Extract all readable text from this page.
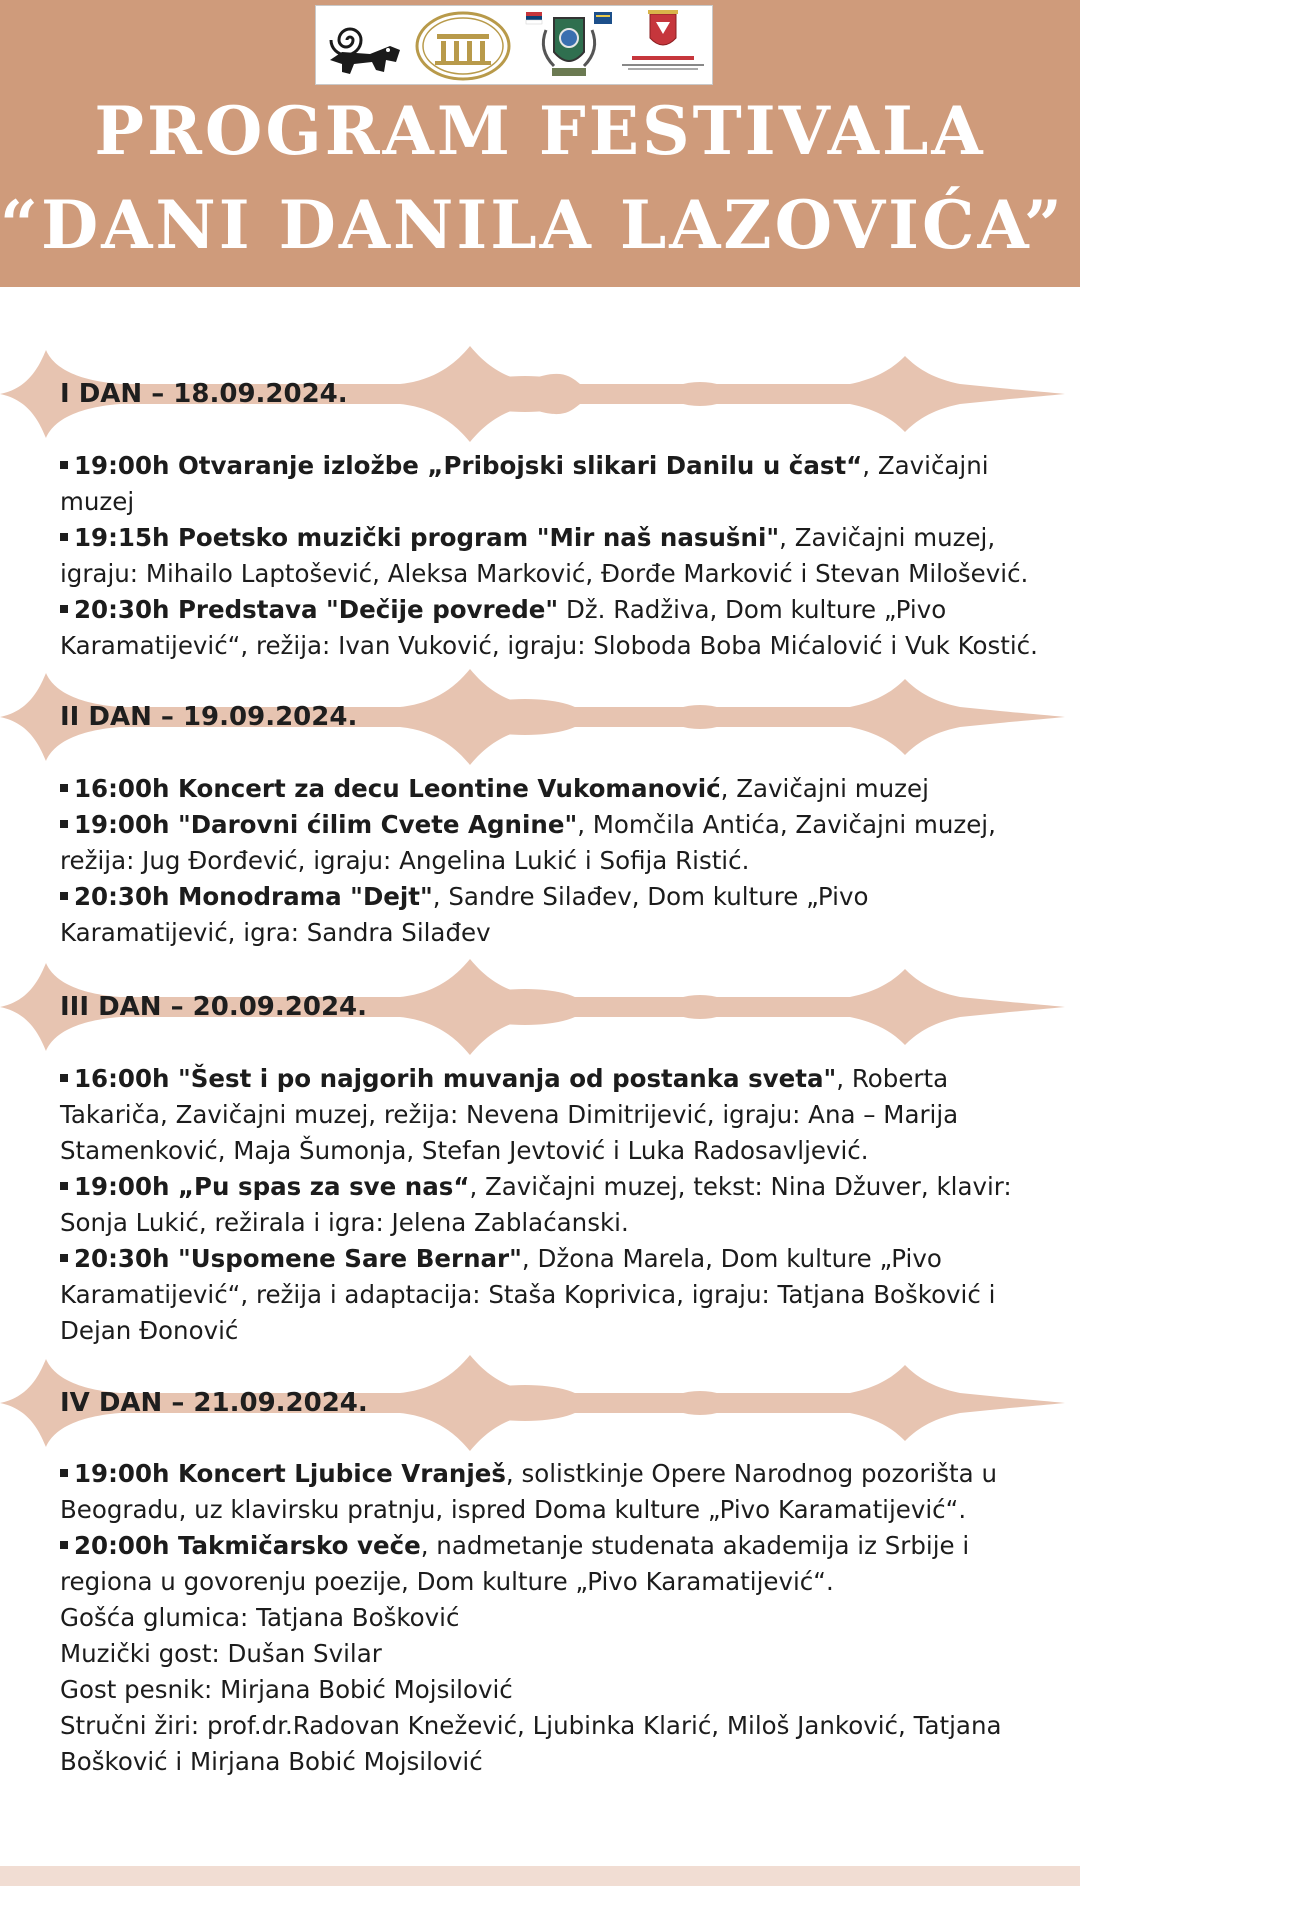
PROGRAM FESTIVALA
“DANI DANILA LAZOVIĆA” 2024.

I DAN – 18.09.2024.

19:00h Otvaranje izložbe „Pribojski slikari Danilu u čast“, Zavičajni muzej

19:15h Poetsko muzički program "Mir naš nasušni", Zavičajni muzej, igraju: Mihailo Laptošević, Aleksa Marković, Đorđe Marković i Stevan Milošević.

20:30h Predstava "Dečije povrede" Dž. Radživa, Dom kulture „Pivo Karamatijević“, režija: Ivan Vuković, igraju: Sloboda Boba Mićalović i Vuk Kostić.

II DAN – 19.09.2024.

16:00h Koncert za decu Leontine Vukomanović, Zavičajni muzej

19:00h "Darovni ćilim Cvete Agnine", Momčila Antića, Zavičajni muzej, režija: Jug Đorđević, igraju: Angelina Lukić i Sofija Ristić.

20:30h Monodrama "Dejt", Sandre Silađev, Dom kulture „Pivo Karamatijević, igra: Sandra Silađev

III DAN – 20.09.2024.

16:00h "Šest i po najgorih muvanja od postanka sveta", Roberta Takariča, Zavičajni muzej, režija: Nevena Dimitrijević, igraju: Ana – Marija Stamenković, Maja Šumonja, Stefan Jevtović i Luka Radosavljević.

19:00h „Pu spas za sve nas“, Zavičajni muzej, tekst: Nina Džuver, klavir: Sonja Lukić, režirala i igra: Jelena Zablaćanski.

20:30h "Uspomene Sare Bernar", Džona Marela, Dom kulture „Pivo Karamatijević“, režija i adaptacija: Staša Koprivica, igraju: Tatjana Bošković i Dejan Đonović

IV DAN – 21.09.2024.

19:00h Koncert Ljubice Vranješ, solistkinje Opere Narodnog pozorišta u Beogradu, uz klavirsku pratnju, ispred Doma kulture „Pivo Karamatijević“.

20:00h Takmičarsko veče, nadmetanje studenata akademija iz Srbije i regiona u govorenju poezije, Dom kulture „Pivo Karamatijević“.

Gošća glumica: Tatjana Bošković

Muzički gost: Dušan Svilar

Gost pesnik: Mirjana Bobić Mojsilović

Stručni žiri: prof.dr.Radovan Knežević, Ljubinka Klarić, Miloš Janković, Tatjana Bošković i Mirjana Bobić Mojsilović
